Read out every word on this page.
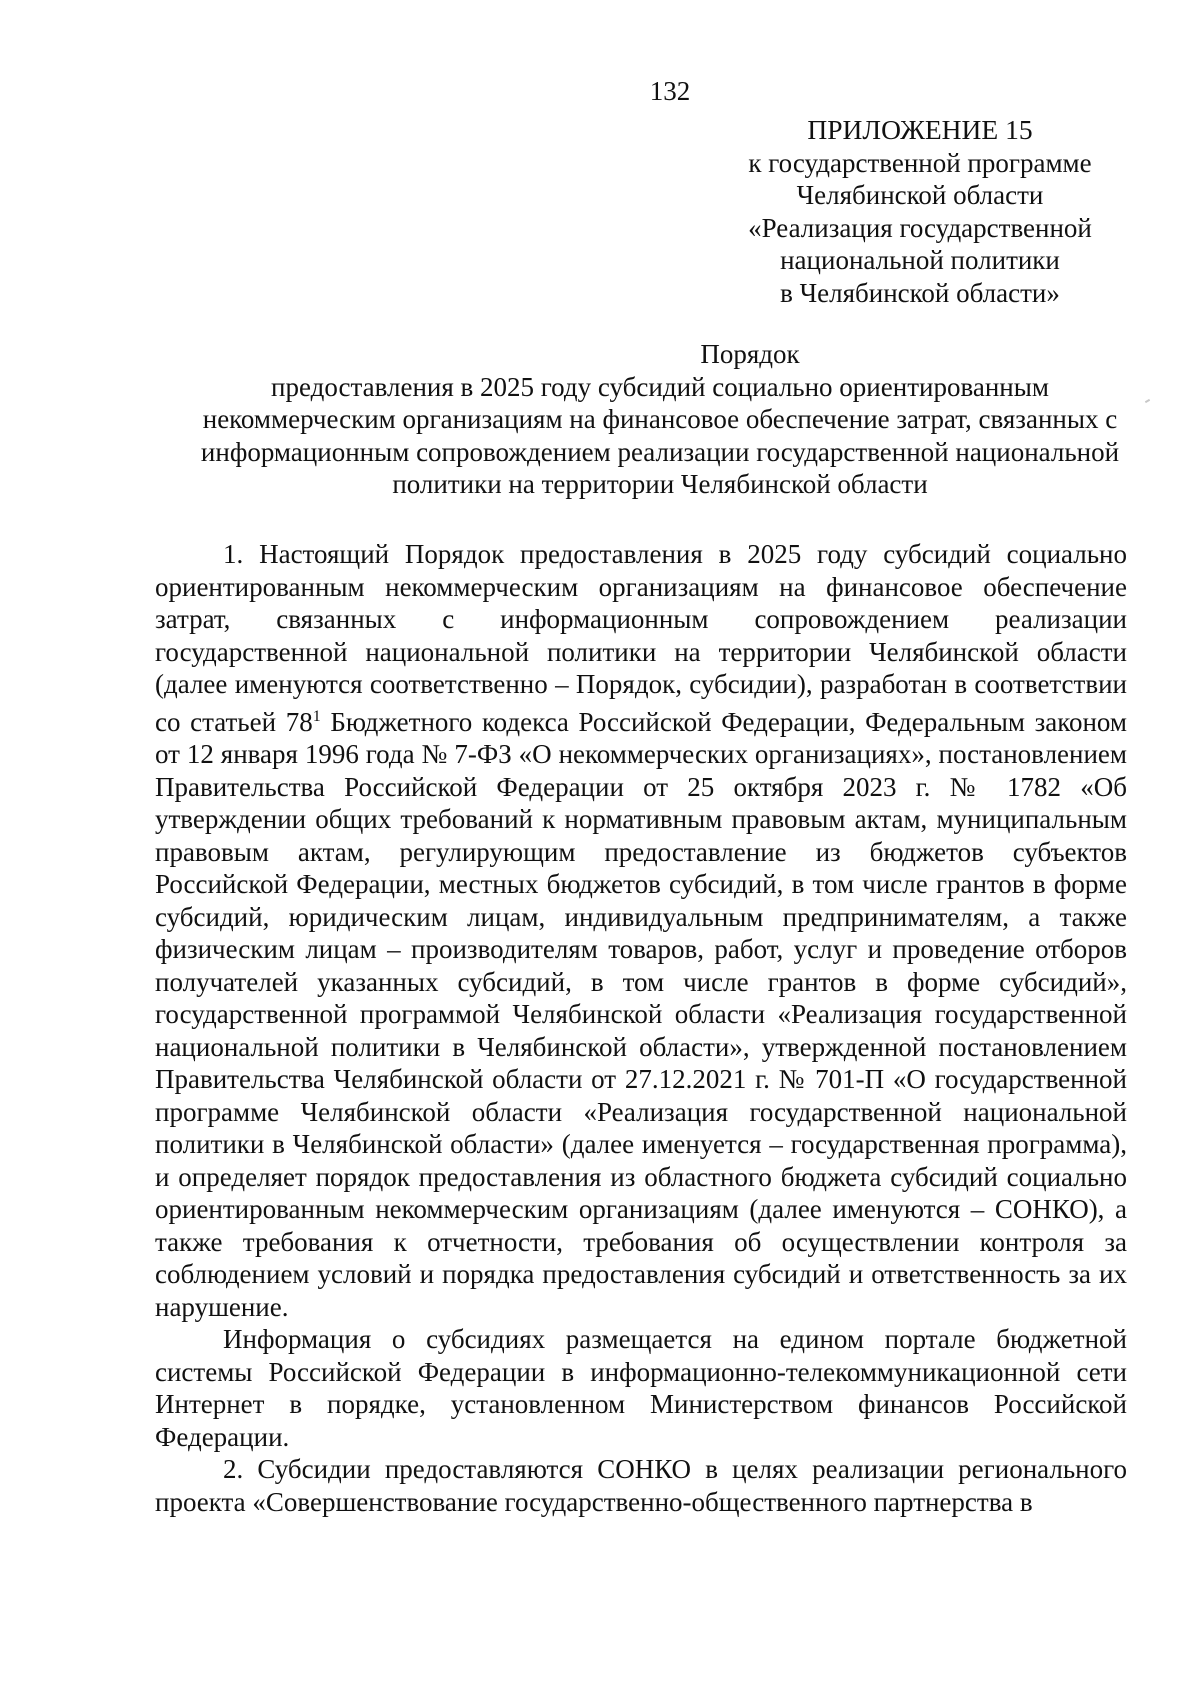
132
ПРИЛОЖЕНИЕ 15
к государственной программе
Челябинской области
«Реализация государственной
национальной политики
в Челябинской области»
Порядок
предоставления в 2025 году субсидий социально ориентированным
некоммерческим организациям на финансовое обеспечение затрат, связанных с
информационным сопровождением реализации государственной национальной
политики на территории Челябинской области

1. Настоящий Порядок предоставления в 2025 году субсидий социально ориентированным некоммерческим организациям на финансовое обеспечение затрат, связанных с информационным сопровождением реализации государственной национальной политики на территории Челябинской области (далее именуются соответственно – Порядок, субсидии), разработан в соответствии со статьей $78^1$ Бюджетного кодекса Российской Федерации, Федеральным законом от 12 января 1996 года № 7-ФЗ «О некоммерческих организациях», постановлением Правительства Российской Федерации от 25 октября 2023 г. № 1782 «Об утверждении общих требований к нормативным правовым актам, муниципальным правовым актам, регулирующим предоставление из бюджетов субъектов Российской Федерации, местных бюджетов субсидий, в том числе грантов в форме субсидий, юридическим лицам, индивидуальным предпринимателям, а также физическим лицам – производителям товаров, работ, услуг и проведение отборов получателей указанных субсидий, в том числе грантов в форме субсидий», государственной программой Челябинской области «Реализация государственной национальной политики в Челябинской области», утвержденной постановлением Правительства Челябинской области от 27.12.2021 г. № 701-П «О государственной программе Челябинской области «Реализация государственной национальной политики в Челябинской области» (далее именуется – государственная программа), и определяет порядок предоставления из областного бюджета субсидий социально ориентированным некоммерческим организациям (далее именуются – СОНКО), а также требования к отчетности, требования об осуществлении контроля за соблюдением условий и порядка предоставления субсидий и ответственность за их нарушение.

Информация о субсидиях размещается на едином портале бюджетной системы Российской Федерации в информационно-телекоммуникационной сети Интернет в порядке, установленном Министерством финансов Российской Федерации.

2. Субсидии предоставляются СОНКО в целях реализации регионального проекта «Совершенствование государственно-общественного партнерства в
